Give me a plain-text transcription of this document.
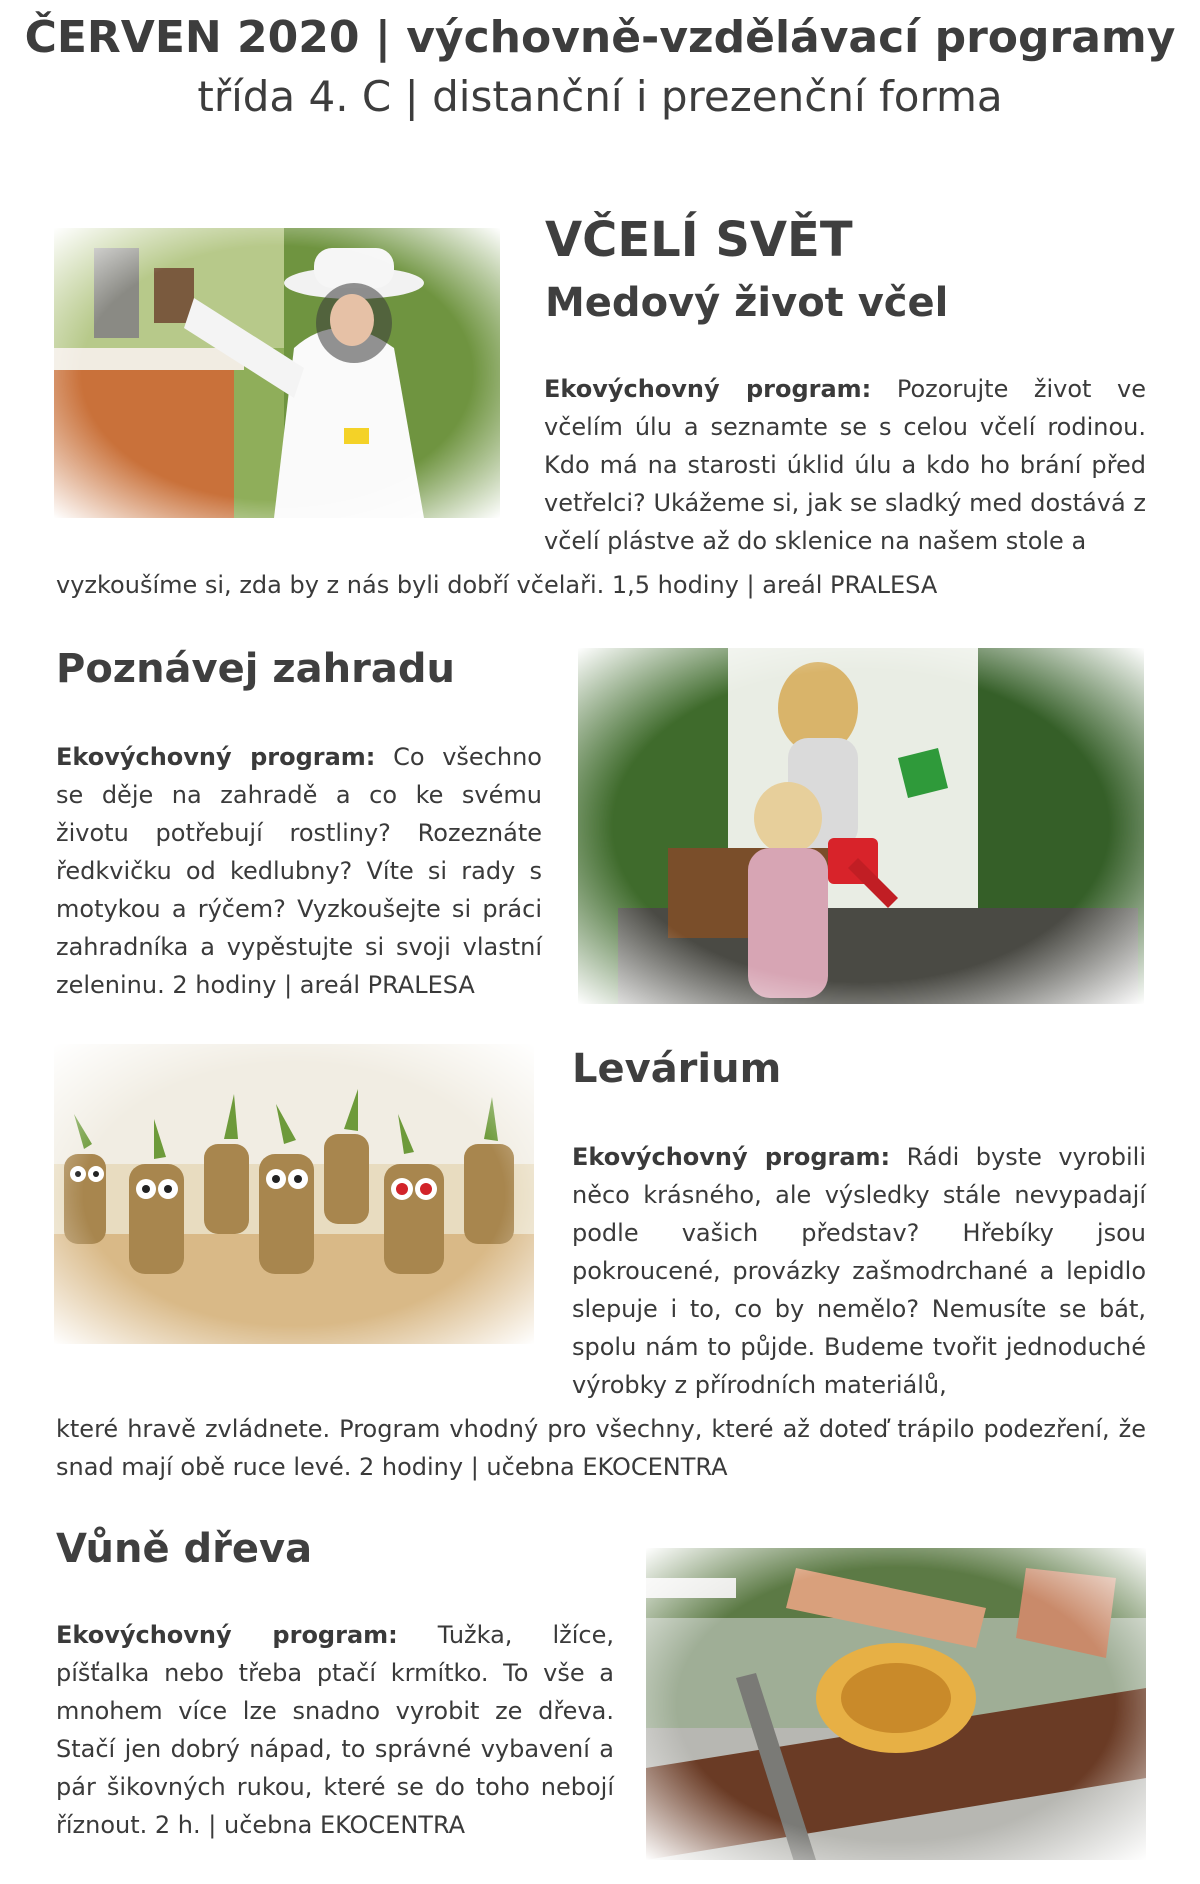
ČERVEN 2020 | výchovně-vzdělávací programy
třída 4. C | distanční i prezenční forma
VČELÍ SVĚT
Medový život včel

Ekovýchovný program: Pozorujte život ve včelím úlu a seznamte se s celou včelí rodinou. Kdo má na starosti úklid úlu a kdo ho brání před vetřelci? Ukážeme si, jak se sladký med dostává z včelí plástve až do sklenice na našem stole a

vyzkoušíme si, zda by z nás byli dobří včelaři. 1,5 hodiny | areál PRALESA

Poznávej zahradu

Ekovýchovný program: Co všechno se děje na zahradě a co ke svému životu potřebují rostliny? Rozeznáte ředkvičku od kedlubny? Víte si rady s motykou a rýčem? Vyzkoušejte si práci zahradníka a vypěstujte si svoji vlastní zeleninu. 2 hodiny | areál PRALESA

Levárium

Ekovýchovný program: Rádi byste vyrobili něco krásného, ale výsledky stále nevypadají podle vašich představ? Hřebíky jsou pokroucené, provázky zašmodrchané a lepidlo slepuje i to, co by nemělo? Nemusíte se bát, spolu nám to půjde. Budeme tvořit jednoduché výrobky z přírodních materiálů,

které hravě zvládnete. Program vhodný pro všechny, které až doteď trápilo podezření, že snad mají obě ruce levé. 2 hodiny | učebna EKOCENTRA

Vůně dřeva

Ekovýchovný program: Tužka, lžíce, píšťalka nebo třeba ptačí krmítko. To vše a mnohem více lze snadno vyrobit ze dřeva. Stačí jen dobrý nápad, to správné vybavení a pár šikovných rukou, které se do toho nebojí říznout. 2 h. | učebna EKOCENTRA
